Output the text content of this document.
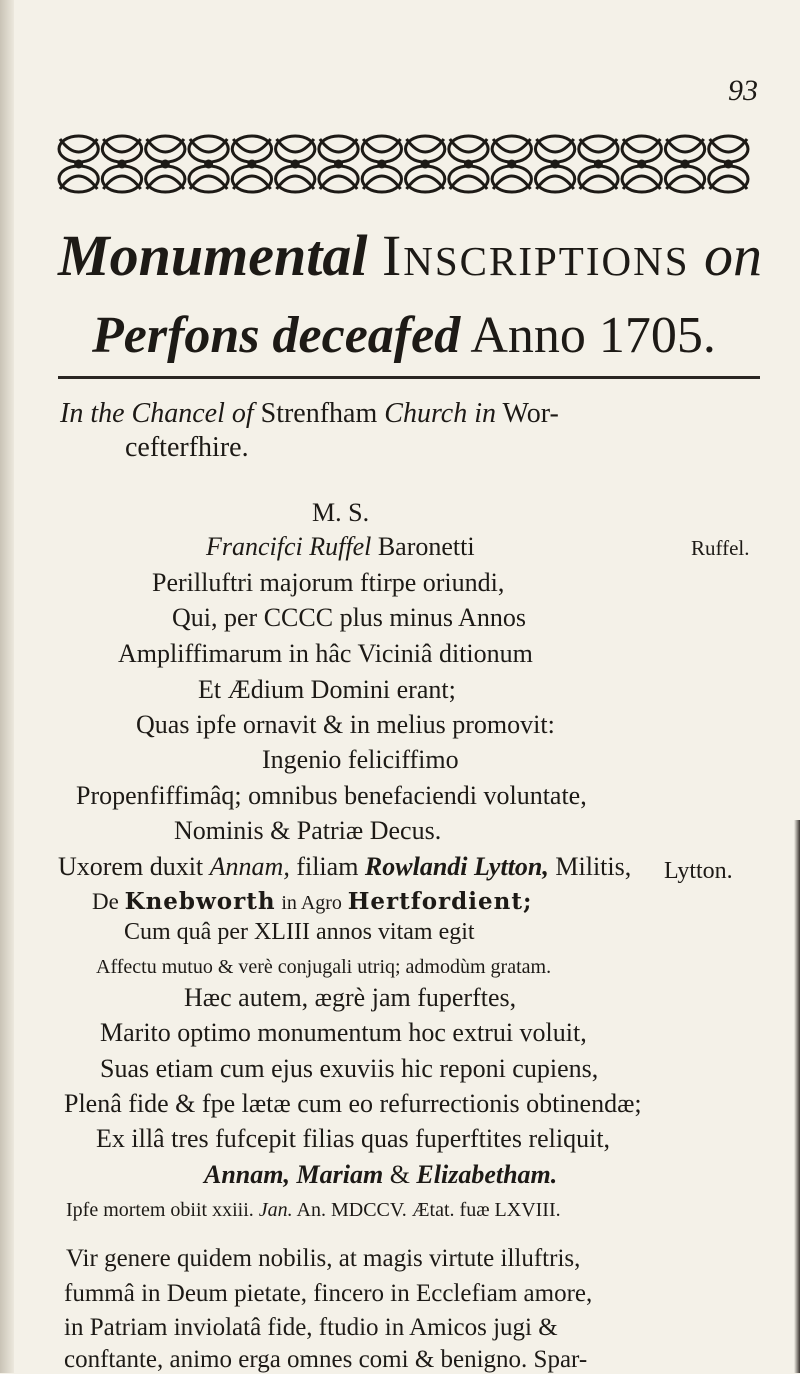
93
Monumental Inscriptions on
Perfons deceafed Anno 1705.
In the Chancel of Strenfham Church in Wor-
cefterfhire.
M. S.
Francifci Ruffel Baronetti	Ruffel.
Perilluftri majorum ftirpe oriundi,
Qui, per CCCC plus minus Annos
Ampliffimarum in hâc Viciniâ ditionum
Et Ædium Domini erant;
Quas ipfe ornavit & in melius promovit:
Ingenio feliciffimo
Propenfiffimâq; omnibus benefaciendi voluntate,
Nominis & Patriæ Decus.
Uxorem duxit Annam, filiam Rowlandi Lytton, Militis, Lytton.
De Knebworth in Agro Hertfordient;
Cum quâ per XLIII annos vitam egit
Affectu mutuo & verè conjugali utriq; admodùm gratam.
Hæc autem, ægrè jam fuperftes,
Marito optimo monumentum hoc extrui voluit,
Suas etiam cum ejus exuviis hic reponi cupiens,
Plenâ fide & fpe lætæ cum eo refurrectionis obtinendæ;
Ex illâ tres fufcepit filias quas fuperftites reliquit,
Annam, Mariam & Elizabetham.
Ipfe mortem obiit xxiii. Jan. An. MDCCV. Ætat. fuæ LXVIII.
Vir genere quidem nobilis, at magis virtute illuftris,
fummâ in Deum pietate, fincero in Ecclefiam amore,
in Patriam inviolatâ fide, ftudio in Amicos jugi &
conftante, animo erga omnes comi & benigno. Spar-
